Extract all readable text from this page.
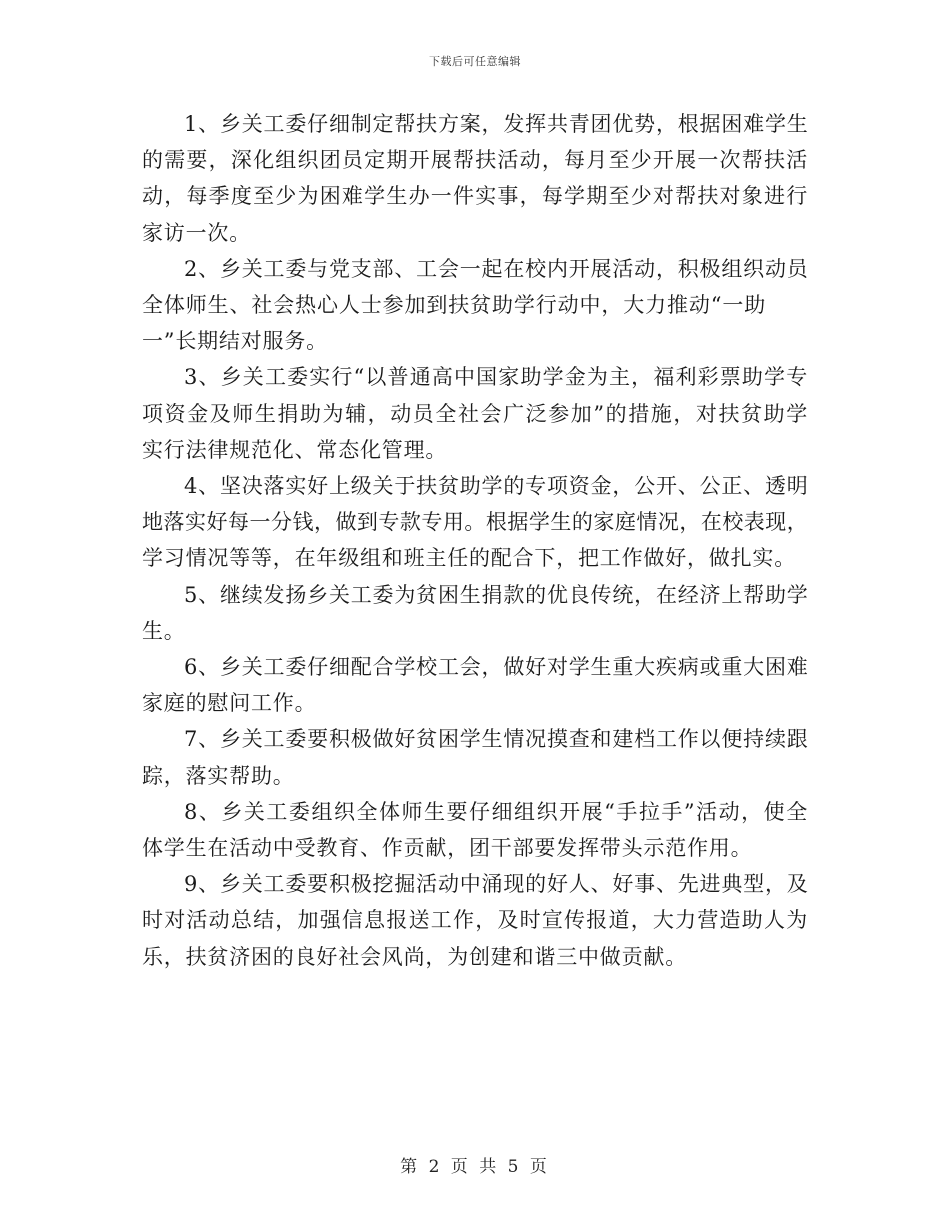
下载后可任意编辑
1、乡关工委仔细制定帮扶方案，发挥共青团优势，根据困难学生
的需要，深化组织团员定期开展帮扶活动，每月至少开展一次帮扶活
动，每季度至少为困难学生办一件实事，每学期至少对帮扶对象进行
家访一次。
2、乡关工委与党支部、工会一起在校内开展活动，积极组织动员
全体师生、社会热心人士参加到扶贫助学行动中，大力推动“一助
一”长期结对服务。
3、乡关工委实行“以普通高中国家助学金为主，福利彩票助学专
项资金及师生捐助为辅，动员全社会广泛参加”的措施，对扶贫助学
实行法律规范化、常态化管理。
4、坚决落实好上级关于扶贫助学的专项资金，公开、公正、透明
地落实好每一分钱，做到专款专用。根据学生的家庭情况，在校表现，
学习情况等等，在年级组和班主任的配合下，把工作做好，做扎实。
5、继续发扬乡关工委为贫困生捐款的优良传统，在经济上帮助学
生。
6、乡关工委仔细配合学校工会，做好对学生重大疾病或重大困难
家庭的慰问工作。
7、乡关工委要积极做好贫困学生情况摸查和建档工作以便持续跟
踪，落实帮助。
8、乡关工委组织全体师生要仔细组织开展“手拉手”活动，使全
体学生在活动中受教育、作贡献，团干部要发挥带头示范作用。
9、乡关工委要积极挖掘活动中涌现的好人、好事、先进典型，及
时对活动总结，加强信息报送工作，及时宣传报道，大力营造助人为
乐，扶贫济困的良好社会风尚，为创建和谐三中做贡献。
第 2 页 共 5 页
